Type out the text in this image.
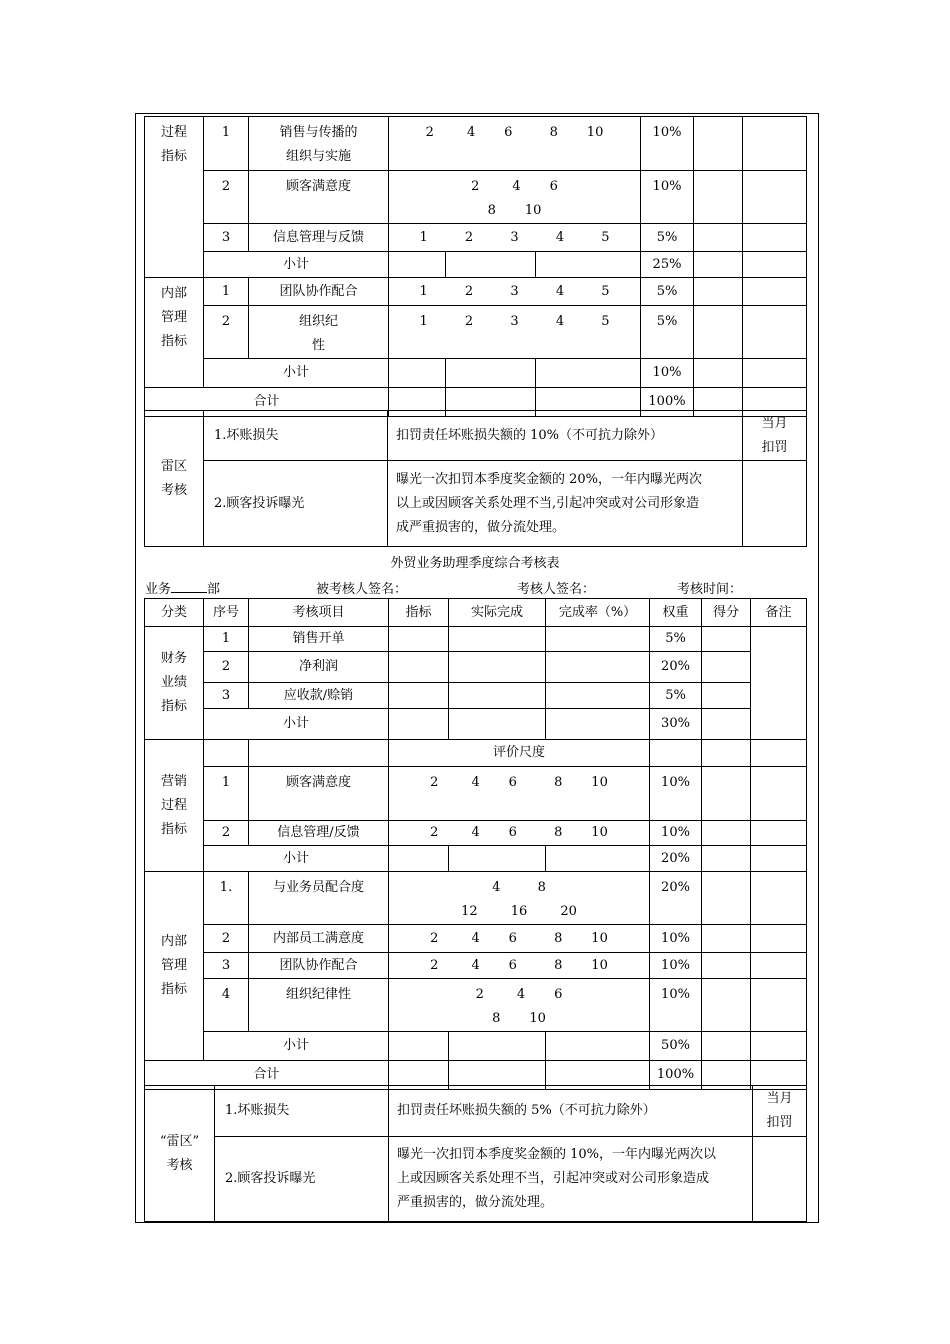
过程
指标	1	销售与传播的
组织与实施	2        4       6         8       10			10%		
	2	顾客满意度	2        4       6
8       10			10%		
	3	信息管理与反馈	1         2         3         4         5			5%		
	小计					25%		

内部
管理
指标	1	团队协作配合	1         2         3         4         5			5%		
	2	组织纪
性	1         2         3         4         5			5%		
	小计					10%		
合计						100%		
雷区
考核	1.坏账损失	扣罚责任坏账损失额的 10%（不可抗力除外）	当月
扣罚

	2.顾客投诉曝光	曝光一次扣罚本季度奖金额的 20%，一年内曝光两次
以上或因顾客关系处理不当,引起冲突或对公司形象造
成严重损害的，做分流处理。	

外贸业务助理季度综合考核表
业务	部	被考核人签名：	考核人签名：	考核时间：
分类	序号	考核项目	指标	实际完成	完成率（%）	权重	得分	备注

财务
业绩
指标	1	销售开单				5%		
	2	净利润				20%		
	3	应收款/赊销				5%		
	小计					30%		

营销
过程
指标			评价尺度					
	1	顾客满意度	2        4       6         8       10			10%		
	2	信息管理/反馈	2        4       6         8       10			10%		
	小计					20%		

内部
管理
指标	1.	与业务员配合度	4         8
12        16        20			20%		
	2	内部员工满意度	2        4       6         8       10			10%		
	3	团队协作配合	2        4       6         8       10			10%		
	4	组织纪律性	2        4       6
8       10			10%		
	小计					50%		
合计						100%		
“雷区”
考核	1.坏账损失	扣罚责任坏账损失额的 5%（不可抗力除外）	当月
扣罚

	2.顾客投诉曝光	曝光一次扣罚本季度奖金额的 10%，一年内曝光两次以
上或因顾客关系处理不当，引起冲突或对公司形象造成
严重损害的，做分流处理。	
